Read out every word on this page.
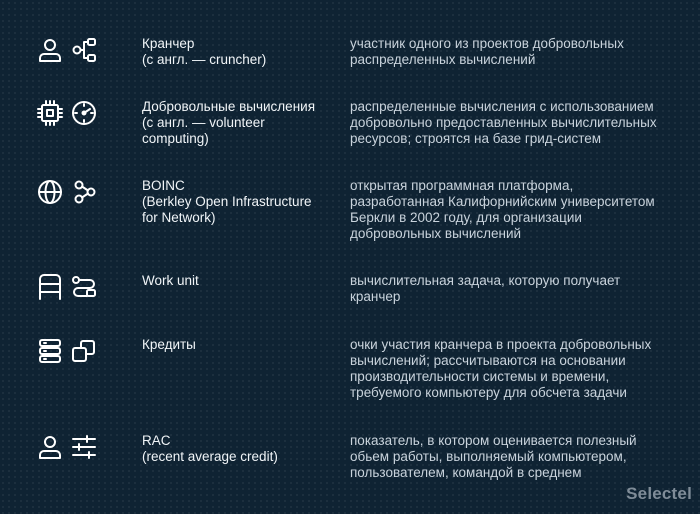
Кранчер
(с англ. — cruncher)
участник одного из проектов добровольных распределенных вычислений
Добровольные вычисления
(с англ. — volunteer
computing)
распределенные вычисления с использованием добровольно предоставленных вычислительных ресурсов; строятся на базе грид-систем
BOINC
(Berkley Open Infrastructure
for Network)
открытая программная платформа, разработанная Калифорнийским университетом Беркли в 2002 году, для организации добровольных вычислений
Work unit	вычислительная задача, которую получает кранчер
Кредиты	очки участия кранчера в проекта добровольных вычислений; рассчитываются на основании производительности системы и времени, требуемого компьютеру для обсчета задачи
RAC
(recent average credit)
показатель, в котором оценивается полезный обьем работы, выполняемый компьютером, пользователем, командой в среднем
Selectel
